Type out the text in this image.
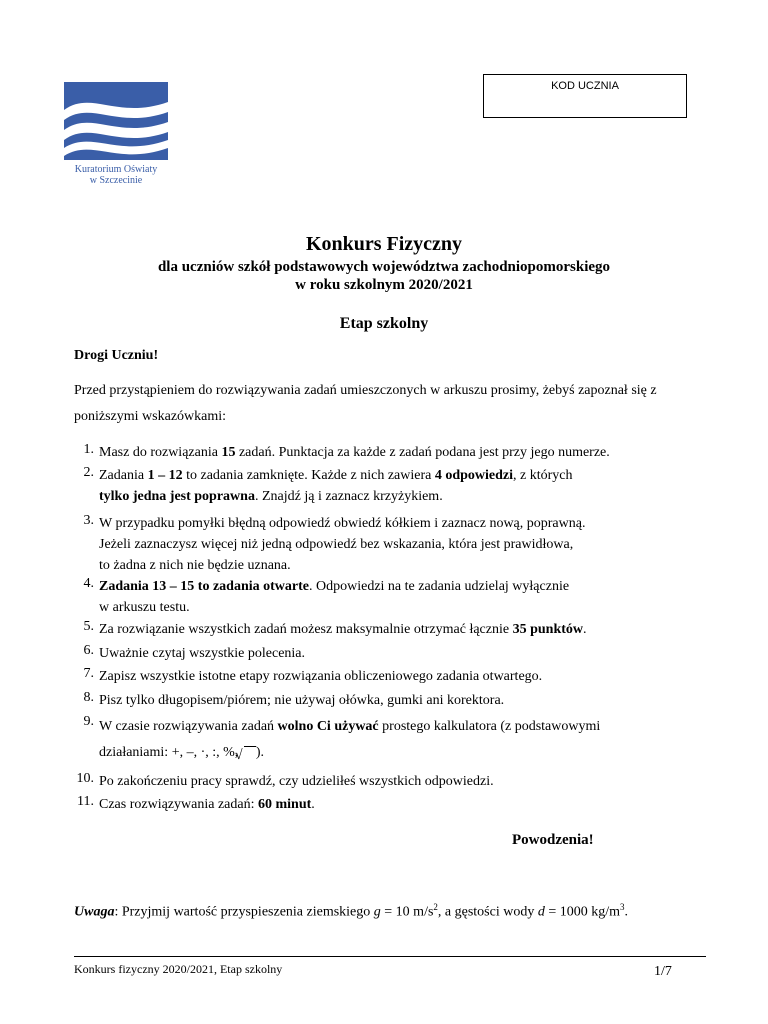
Kuratorium Oświaty
w Szczecinie
KOD UCZNIA
Konkurs Fizyczny
dla uczniów szkół podstawowych województwa zachodniopomorskiego
w roku szkolnym 2020/2021
Etap szkolny
Drogi Uczniu!
Przed przystąpieniem do rozwiązywania zadań umieszczonych w arkuszu prosimy, żebyś zapoznał się z poniższymi wskazówkami:
1. Masz do rozwiązania 15 zadań. Punktacja za każde z zadań podana jest przy jego numerze.
2. Zadania 1 – 12 to zadania zamknięte. Każde z nich zawiera 4 odpowiedzi, z których
tylko jedna jest poprawna. Znajdź ją i zaznacz krzyżykiem.
3. W przypadku pomyłki błędną odpowiedź obwiedź kółkiem i zaznacz nową, poprawną.
Jeżeli zaznaczysz więcej niż jedną odpowiedź bez wskazania, która jest prawidłowa,
to żadna z nich nie będzie uznana.
4. Zadania 13 – 15 to zadania otwarte. Odpowiedzi na te zadania udzielaj wyłącznie
w arkuszu testu.
5. Za rozwiązanie wszystkich zadań możesz maksymalnie otrzymać łącznie 35 punktów.
6. Uważnie czytaj wszystkie polecenia.
7. Zapisz wszystkie istotne etapy rozwiązania obliczeniowego zadania otwartego.
8. Pisz tylko długopisem/piórem; nie używaj ołówka, gumki ani korektora.
9. W czasie rozwiązywania zadań wolno Ci używać prostego kalkulatora (z podstawowymi
działaniami: +, –, ·, :, %, √).
10. Po zakończeniu pracy sprawdź, czy udzieliłeś wszystkich odpowiedzi.
11. Czas rozwiązywania zadań: 60 minut.
Powodzenia!
Uwaga: Przyjmij wartość przyspieszenia ziemskiego g = 10 $m/s^2$, a gęstości wody d = 1000 $kg/m^3$.
Konkurs fizyczny 2020/2021, Etap szkolny	1/7
